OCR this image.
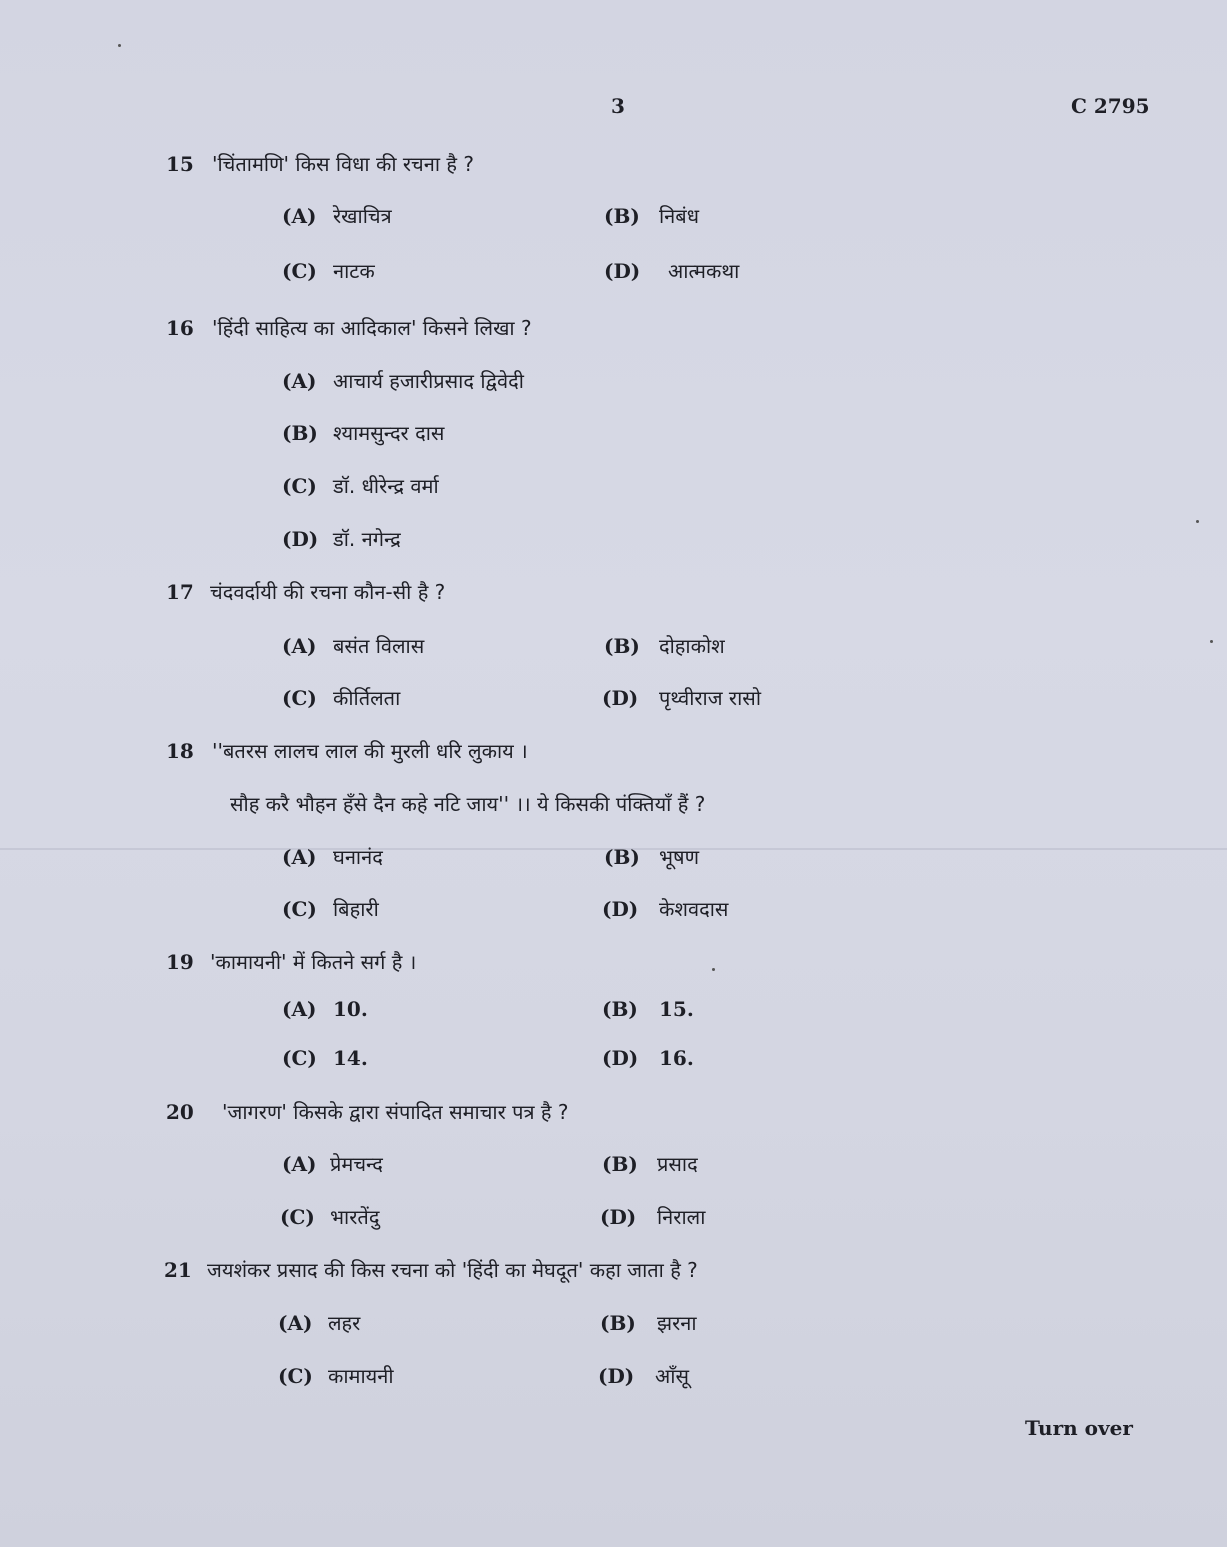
3	C 2795
15 'चिंतामणि' किस विधा की रचना है ?
(A) रेखाचित्र	(B) निबंध
(C) नाटक	(D) आत्मकथा
16 'हिंदी साहित्य का आदिकाल' किसने लिखा ?
(A) आचार्य हजारीप्रसाद द्विवेदी
(B) श्यामसुन्दर दास
(C) डॉ. धीरेन्द्र वर्मा
(D) डॉ. नगेन्द्र
17 चंदवर्दायी की रचना कौन-सी है ?
(A) बसंत विलास	(B) दोहाकोश
(C) कीर्तिलता	(D) पृथ्वीराज रासो
18 ''बतरस लालच लाल की मुरली धरि लुकाय ।
सौह करै भौहन हँसे दैन कहे नटि जाय'' ।। ये किसकी पंक्तियाँ हैं ?
(A) घनानंद	(B) भूषण
(C) बिहारी	(D) केशवदास
19 'कामायनी' में कितने सर्ग है ।
(A) 10.	(B) 15.
(C) 14.	(D) 16.
20 'जागरण' किसके द्वारा संपादित समाचार पत्र है ?
(A) प्रेमचन्द	(B) प्रसाद
(C) भारतेंदु	(D) निराला
21 जयशंकर प्रसाद की किस रचना को 'हिंदी का मेघदूत' कहा जाता है ?
(A) लहर	(B) झरना
(C) कामायनी	(D) आँसू
Turn over
